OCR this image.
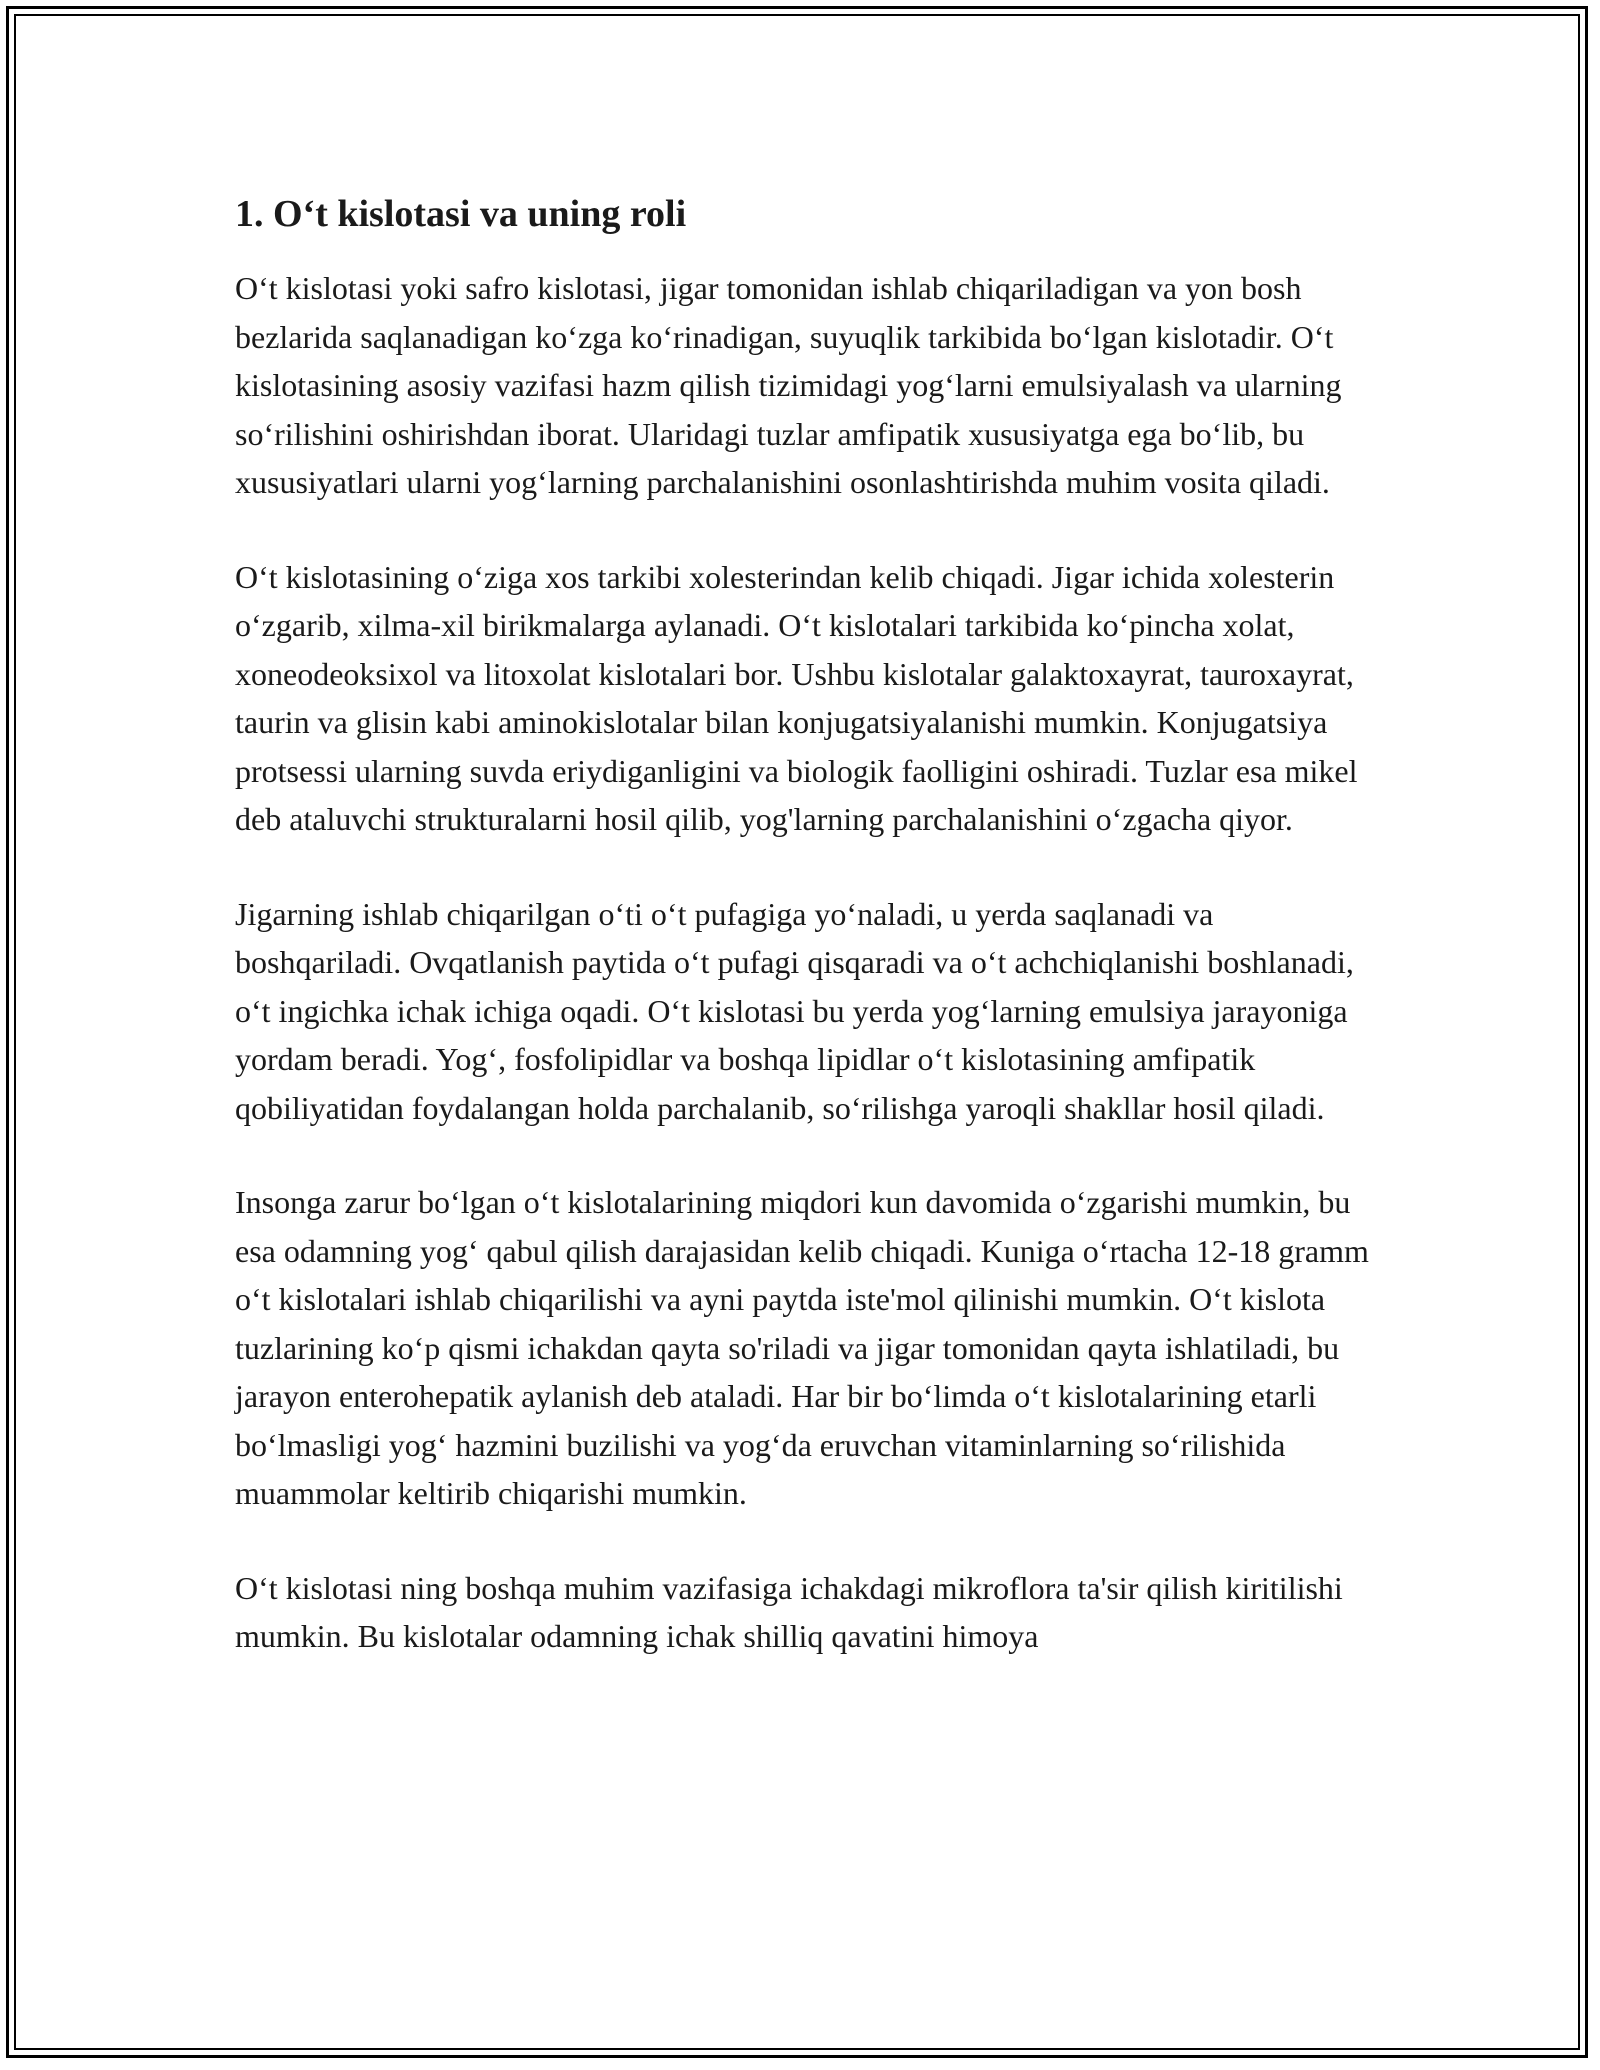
1. O‘t kislotasi va uning roli

O‘t kislotasi yoki safro kislotasi, jigar tomonidan ishlab chiqariladigan va yon bosh bezlarida saqlanadigan ko‘zga ko‘rinadigan, suyuqlik tarkibida bo‘lgan kislotadir. O‘t kislotasining asosiy vazifasi hazm qilish tizimidagi yog‘larni emulsiyalash va ularning so‘rilishini oshirishdan iborat. Ularidagi tuzlar amfipatik xususiyatga ega bo‘lib, bu xususiyatlari ularni yog‘larning parchalanishini osonlashtirishda muhim vosita qiladi.

O‘t kislotasining o‘ziga xos tarkibi xolesterindan kelib chiqadi. Jigar ichida xolesterin o‘zgarib, xilma-xil birikmalarga aylanadi. O‘t kislotalari tarkibida ko‘pincha xolat, xoneodeoksixol va litoxolat kislotalari bor. Ushbu kislotalar galaktoxayrat, tauroxayrat, taurin va glisin kabi aminokislotalar bilan konjugatsiyalanishi mumkin. Konjugatsiya protsessi ularning suvda eriydiganligini va biologik faolligini oshiradi. Tuzlar esa mikel deb ataluvchi strukturalarni hosil qilib, yog'larning parchalanishini o‘zgacha qiyor.

Jigarning ishlab chiqarilgan o‘ti o‘t pufagiga yo‘naladi, u yerda saqlanadi va boshqariladi. Ovqatlanish paytida o‘t pufagi qisqaradi va o‘t achchiqlanishi boshlanadi, o‘t ingichka ichak ichiga oqadi. O‘t kislotasi bu yerda yog‘larning emulsiya jarayoniga yordam beradi. Yog‘, fosfolipidlar va boshqa lipidlar o‘t kislotasining amfipatik qobiliyatidan foydalangan holda parchalanib, so‘rilishga yaroqli shakllar hosil qiladi.

Insonga zarur bo‘lgan o‘t kislotalarining miqdori kun davomida o‘zgarishi mumkin, bu esa odamning yog‘ qabul qilish darajasidan kelib chiqadi. Kuniga o‘rtacha 12-18 gramm o‘t kislotalari ishlab chiqarilishi va ayni paytda iste'mol qilinishi mumkin. O‘t kislota tuzlarining ko‘p qismi ichakdan qayta so'riladi va jigar tomonidan qayta ishlatiladi, bu jarayon enterohepatik aylanish deb ataladi. Har bir bo‘limda o‘t kislotalarining etarli bo‘lmasligi yog‘ hazmini buzilishi va yog‘da eruvchan vitaminlarning so‘rilishida muammolar keltirib chiqarishi mumkin.

O‘t kislotasi ning boshqa muhim vazifasiga ichakdagi mikroflora ta'sir qilish kiritilishi mumkin. Bu kislotalar odamning ichak shilliq qavatini himoya
